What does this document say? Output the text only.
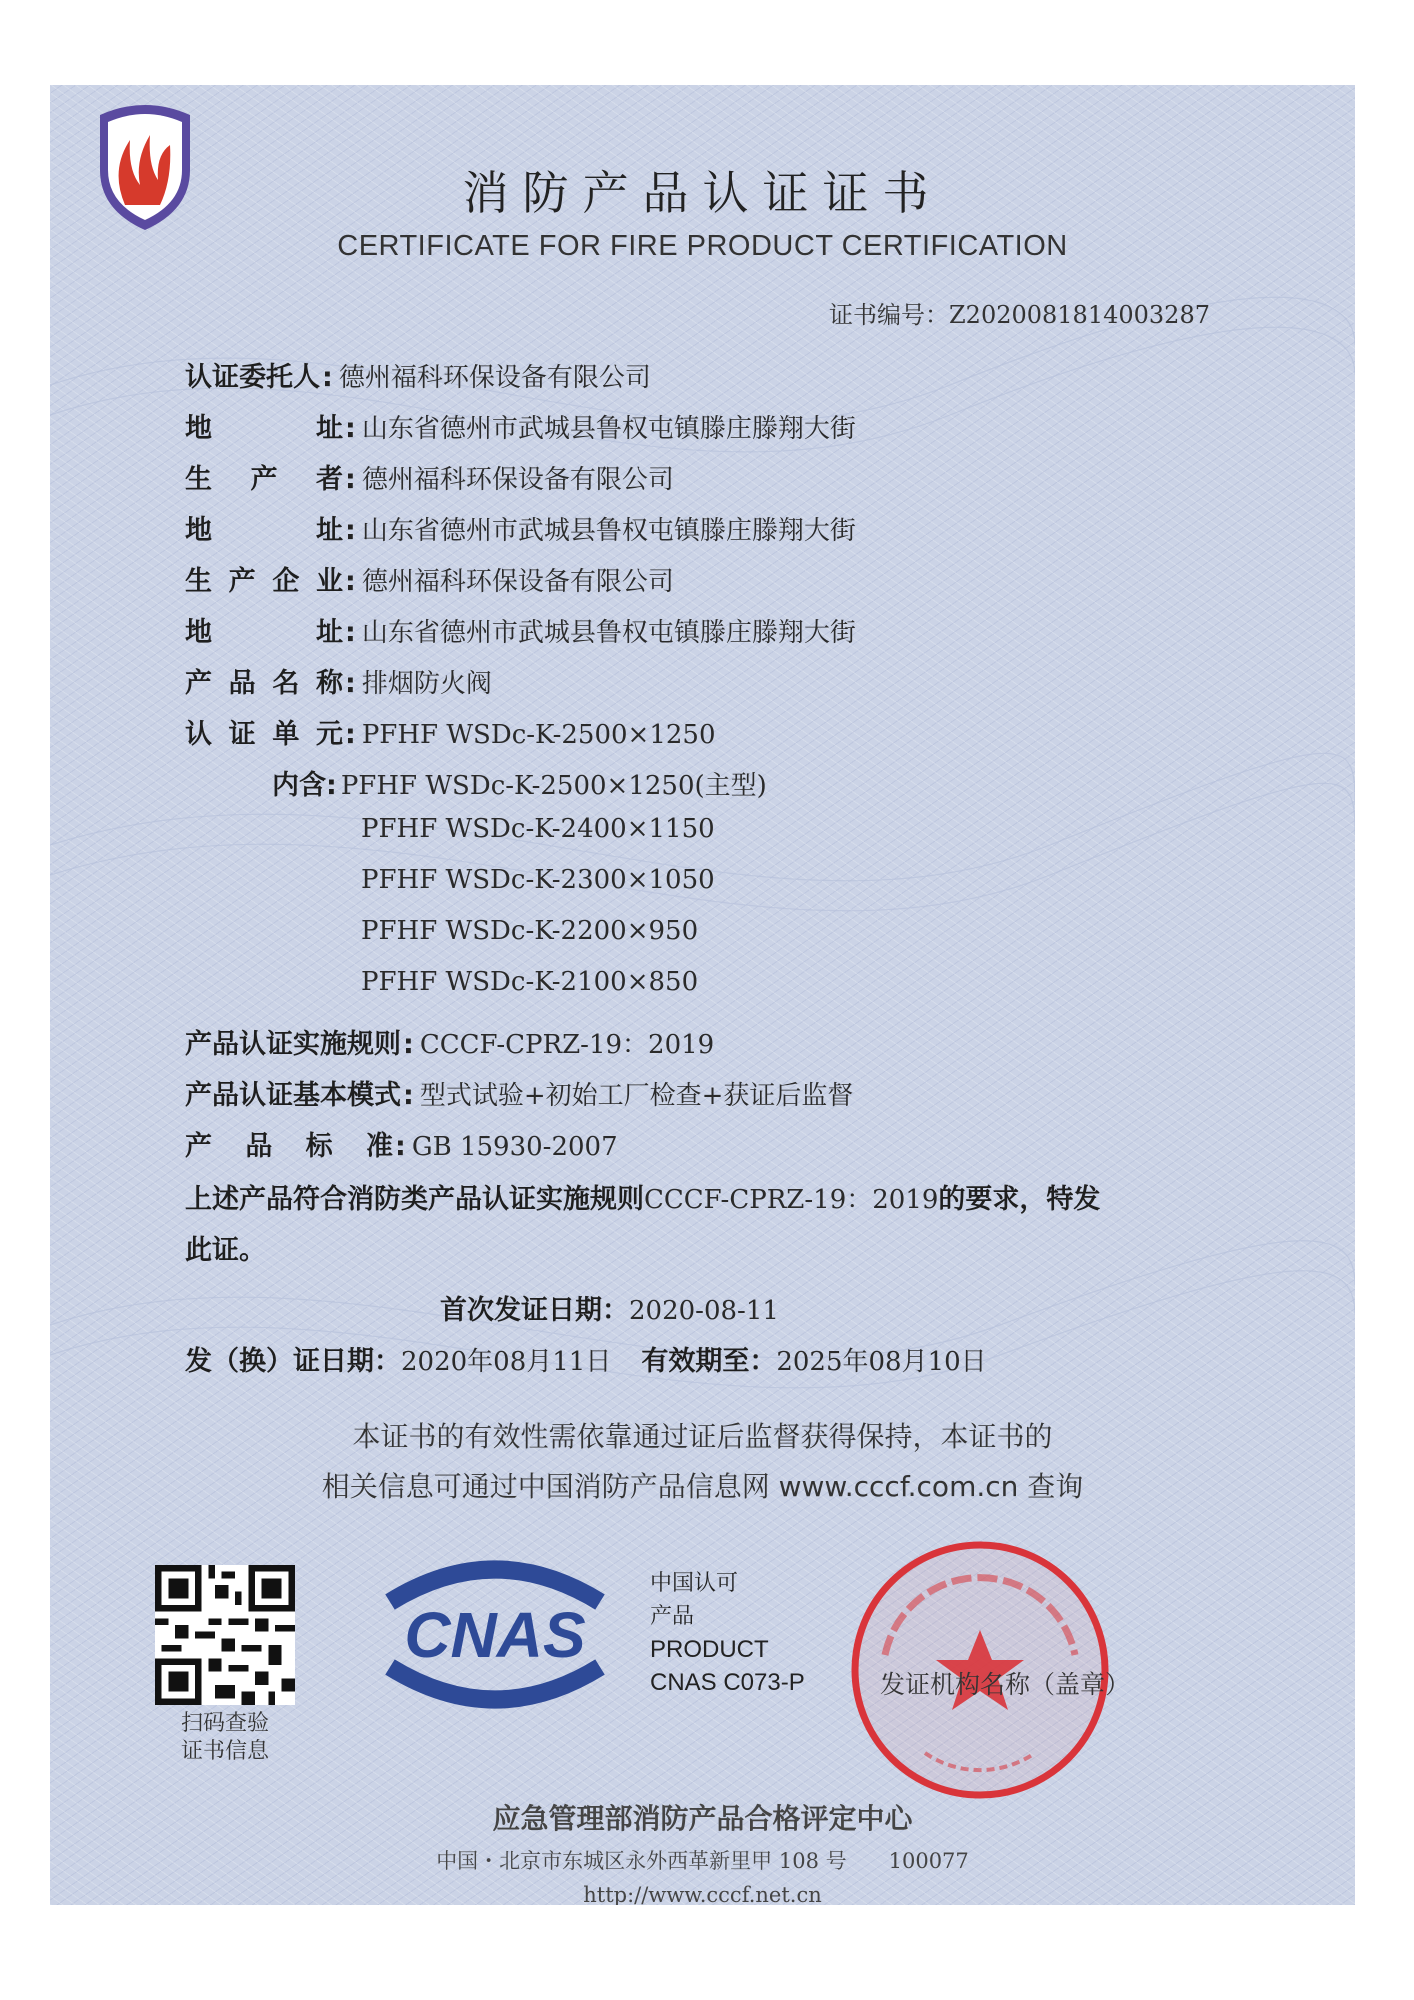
消防产品认证证书
CERTIFICATE FOR FIRE PRODUCT CERTIFICATION
证书编号：Z2020081814003287
认证委托人 : 德州福科环保设备有限公司
地址 : 山东省德州市武城县鲁权屯镇滕庄滕翔大街
生产者 : 德州福科环保设备有限公司
地址 : 山东省德州市武城县鲁权屯镇滕庄滕翔大街
生产企业 : 德州福科环保设备有限公司
地址 : 山东省德州市武城县鲁权屯镇滕庄滕翔大街
产品名称 : 排烟防火阀
认证单元 : PFHF WSDc-K-2500×1250
内含: PFHF WSDc-K-2500×1250(主型)
PFHF WSDc-K-2400×1150
PFHF WSDc-K-2300×1050
PFHF WSDc-K-2200×950
PFHF WSDc-K-2100×850
产品认证实施规则 : CCCF-CPRZ-19：2019
产品认证基本模式 : 型式试验+初始工厂检查+获证后监督
产品标准 : GB 15930-2007
上述产品符合消防类产品认证实施规则 CCCF-CPRZ-19：2019 的要求，特发
此证。
首次发证日期： 2020-08-11
发（换）证日期： 2020年08月11日 有效期至： 2025年08月10日
本证书的有效性需依靠通过证后监督获得保持，本证书的
相关信息可通过中国消防产品信息网 www.cccf.com.cn 查询
扫码查验
证书信息
CNAS
中国认可
产品
PRODUCT
CNAS C073-P	发证机构名称（盖章）
应急管理部消防产品合格评定中心
中国・北京市东城区永外西革新里甲 108 号　　100077
http://www.cccf.net.cn
